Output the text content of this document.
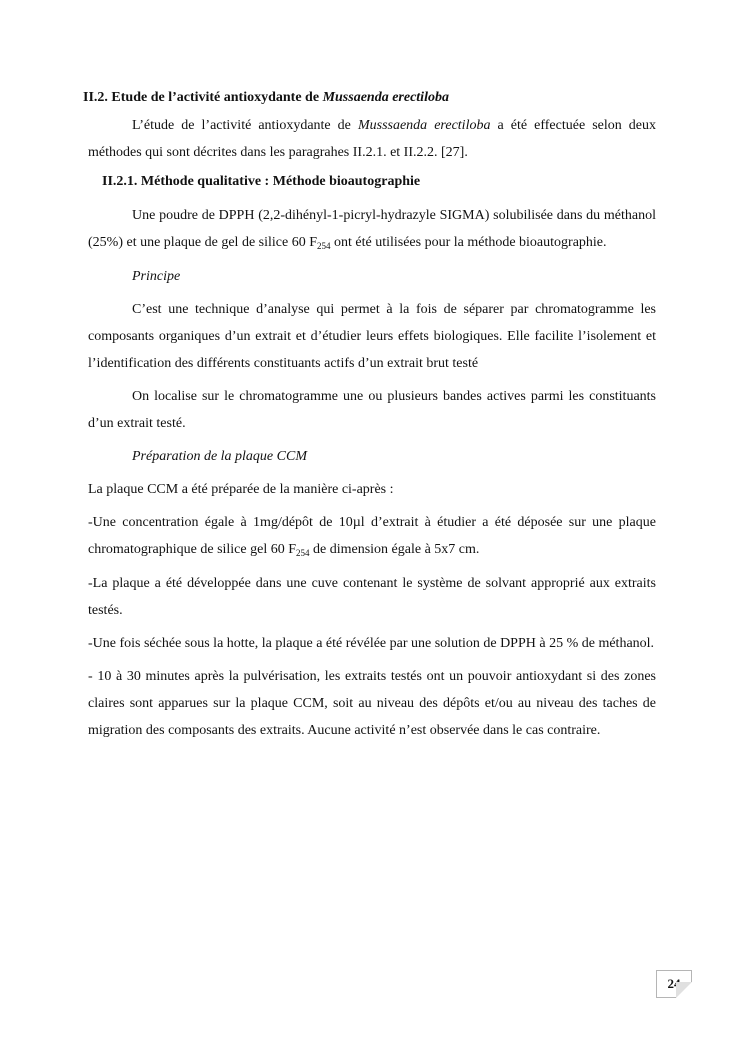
II.2. Etude de l’activité antioxydante de Mussaenda erectiloba

L’étude de l’activité antioxydante de Musssaenda erectiloba a été effectuée selon deux méthodes qui sont décrites dans les paragrahes II.2.1. et II.2.2. [27].

II.2.1. Méthode qualitative : Méthode bioautographie

Une poudre de DPPH (2,2-dihényl-1-picryl-hydrazyle SIGMA) solubilisée dans du méthanol (25%) et une plaque de gel de silice 60 $F_{254}$ ont été utilisées pour la méthode bioautographie.

Principe

C’est une technique d’analyse qui permet à la fois de séparer par chromatogramme les composants organiques d’un extrait et d’étudier leurs effets biologiques. Elle facilite l’isolement et l’identification des différents constituants actifs d’un extrait brut testé

On localise sur le chromatogramme une ou plusieurs bandes actives parmi les constituants d’un extrait testé.

Préparation de la plaque CCM

La plaque CCM a été préparée de la manière ci-après :

-Une concentration égale à 1mg/dépôt de 10µl d’extrait à étudier a été déposée sur une plaque chromatographique de silice gel 60 $F_{254}$ de dimension égale à 5x7 cm.

-La plaque a été développée dans une cuve contenant le système de solvant approprié aux extraits testés.

-Une fois séchée sous la hotte, la plaque a été révélée par une solution de DPPH à 25 % de méthanol.

- 10 à 30 minutes après la pulvérisation, les extraits testés ont un pouvoir antioxydant si des zones claires sont apparues sur la plaque CCM, soit au niveau des dépôts et/ou au niveau des taches de migration des composants des extraits. Aucune activité n’est observée dans le cas contraire.

24
